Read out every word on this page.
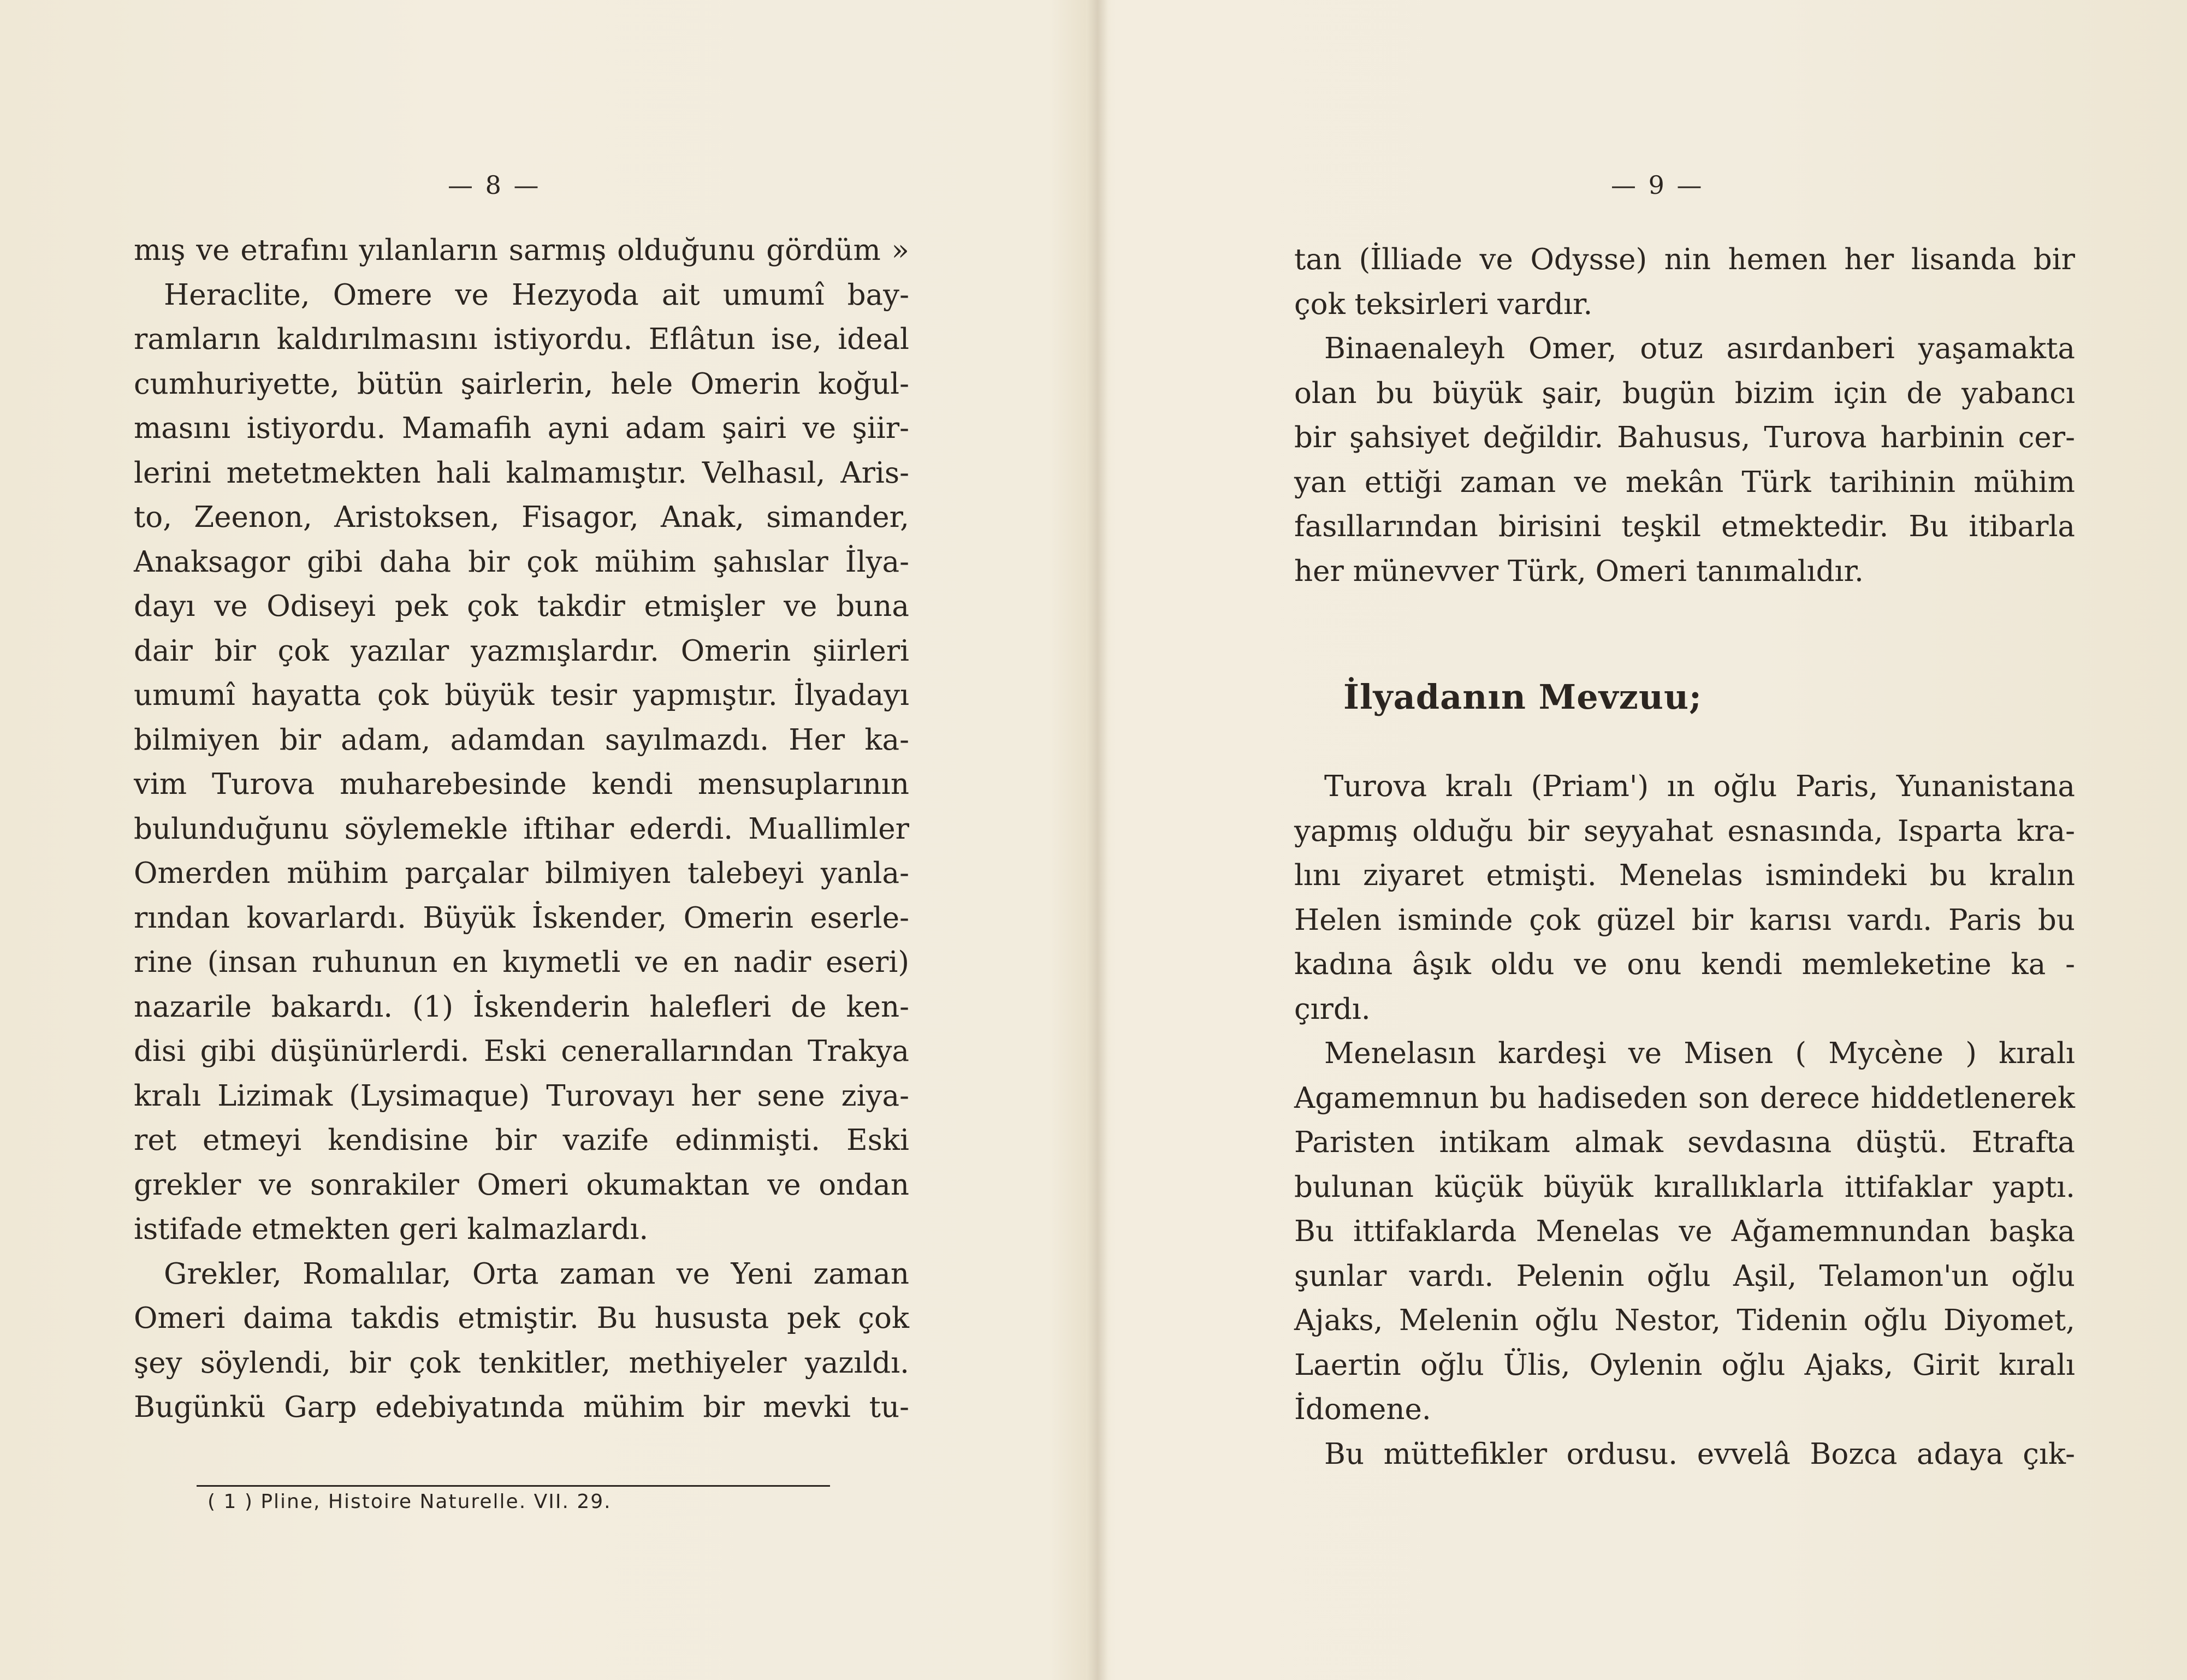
— 8 —
mış ve etrafını yılanların sarmış olduğunu gördüm »
Heraclite, Omere ve Hezyoda ait umumî bay-
ramların kaldırılmasını istiyordu. Eflâtun ise, ideal
cumhuriyette, bütün şairlerin, hele Omerin koğul-
masını istiyordu. Mamafih ayni adam şairi ve şiir-
lerini metetmekten hali kalmamıştır. Velhasıl, Aris-
to, Zeenon, Aristoksen, Fisagor, Anak, simander,
Anaksagor gibi daha bir çok mühim şahıslar İlya-
dayı ve Odiseyi pek çok takdir etmişler ve buna
dair bir çok yazılar yazmışlardır. Omerin şiirleri
umumî hayatta çok büyük tesir yapmıştır. İlyadayı
bilmiyen bir adam, adamdan sayılmazdı. Her ka-
vim Turova muharebesinde kendi mensuplarının
bulunduğunu söylemekle iftihar ederdi. Muallimler
Omerden mühim parçalar bilmiyen talebeyi yanla-
rından kovarlardı. Büyük İskender, Omerin eserle-
rine (insan ruhunun en kıymetli ve en nadir eseri)
nazarile bakardı. (1) İskenderin halefleri de ken-
disi gibi düşünürlerdi. Eski cenerallarından Trakya
kralı Lizimak (Lysimaque) Turovayı her sene ziya-
ret etmeyi kendisine bir vazife edinmişti. Eski
grekler ve sonrakiler Omeri okumaktan ve ondan
istifade etmekten geri kalmazlardı.
Grekler, Romalılar, Orta zaman ve Yeni zaman
Omeri daima takdis etmiştir. Bu hususta pek çok
şey söylendi, bir çok tenkitler, methiyeler yazıldı.
Bugünkü Garp edebiyatında mühim bir mevki tu-
( 1 ) Pline, Histoire Naturelle. VII. 29.
— 9 —
tan (İlliade ve Odysse) nin hemen her lisanda bir
çok teksirleri vardır.
Binaenaleyh Omer, otuz asırdanberi yaşamakta
olan bu büyük şair, bugün bizim için de yabancı
bir şahsiyet değildir. Bahusus, Turova harbinin cer-
yan ettiği zaman ve mekân Türk tarihinin mühim
fasıllarından birisini teşkil etmektedir. Bu itibarla
her münevver Türk, Omeri tanımalıdır.
İlyadanın Mevzuu;
Turova kralı (Priam') ın oğlu Paris, Yunanistana
yapmış olduğu bir seyyahat esnasında, Isparta kra-
lını ziyaret etmişti. Menelas ismindeki bu kralın
Helen isminde çok güzel bir karısı vardı. Paris bu
kadına âşık oldu ve onu kendi memleketine ka -
çırdı.
Menelasın kardeşi ve Misen ( Mycène ) kıralı
Agamemnun bu hadiseden son derece hiddetlenerek
Paristen intikam almak sevdasına düştü. Etrafta
bulunan küçük büyük kırallıklarla ittifaklar yaptı.
Bu ittifaklarda Menelas ve Ağamemnundan başka
şunlar vardı. Pelenin oğlu Aşil, Telamon'un oğlu
Ajaks, Melenin oğlu Nestor, Tidenin oğlu Diyomet,
Laertin oğlu Ülis, Oylenin oğlu Ajaks, Girit kıralı
İdomene.
Bu müttefikler ordusu. evvelâ Bozca adaya çık-
